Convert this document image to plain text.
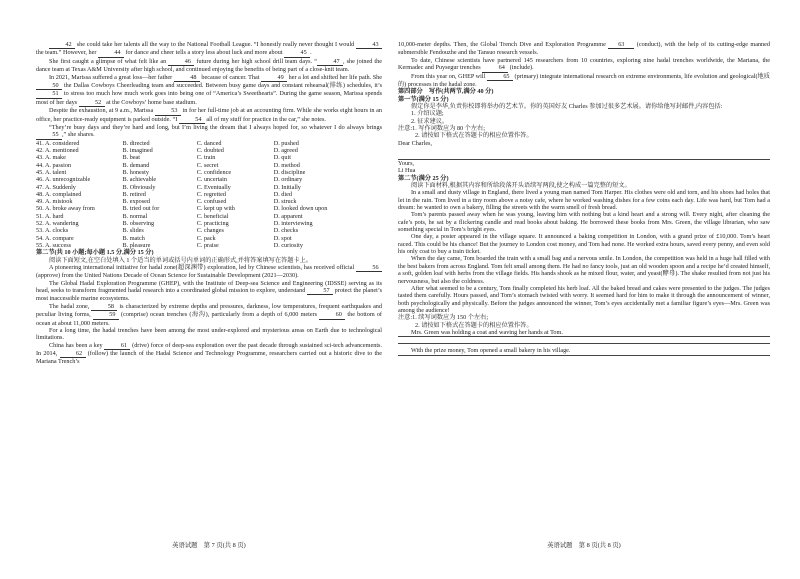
42 she could take her talents all the way to the National Football League. “I honestly really never thought I would	43 the team.” However, her	44 for dance and cheer tells a story less about luck and more about	45 .

She first caught a glimpse of what felt like an	46 future during her high school drill team days. “	47 , she joined the dance team at Texas A&M University after high school, and continued enjoying the benefits of being part of a close-knit team.

In 2021, Marissa suffered a great loss—her father	48 because of cancer. That	49 her a lot and shifted her life path. She 50 the Dallas Cowboys Cheerleading team and succeeded. Between busy game days and constant rehearsal(排练) schedules, it’s 51 to stress too much how much work goes into being one of “America’s Sweethearts”. During the game season, Marissa spends most of her days	52 at the Cowboys’ home base stadium.

Despite the exhaustion, at 9 a.m., Marissa	53 in for her full-time job at an accounting firm. While she works eight hours in an office, her practice-ready equipment is parked outside. “I	54 all of my stuff for practice in the car,” she notes.

“They’re busy days and they’re hard and long, but I’m living the dream that I always hoped for, so whatever I do always brings 55 ,” she shares.

41. A. considered	B. directed	C. danced	D. pushed
42. A. mentioned	B. imagined	C. doubted	D. agreed
43. A. make	B. beat	C. train	D. quit
44. A. passion	B. demand	C. secret	D. method
45. A. talent	B. honesty	C. confidence	D. discipline
46. A. unrecognizable	B. achievable	C. uncertain	D. ordinary
47. A. Suddenly	B. Obviously	C. Eventually	D. Initially
48. A. complained	B. retired	C. regretted	D. died
49. A. mistook	B. exposed	C. confused	D. struck
50. A. broke away from	B. tried out for	C. kept up with	D. looked down upon
51. A. hard	B. normal	C. beneficial	D. apparent
52. A. wandering	B. observing	C. practicing	D. interviewing
53. A. clocks	B. slides	C. changes	D. checks
54. A. compare	B. match	C. pack	D. spot
55. A. success	B. pleasure	C. praise	D. curiosity

第二节(共 10 小题;每小题 1.5 分,满分 15 分)

阅读下面短文,在空白处填入 1 个适当的单词或括号内单词的正确形式,并将答案填写在答题卡上。

A pioneering international initiative for hadal zone(超深渊带) exploration, led by Chinese scientists, has received official	56 (approve) from the United Nations Decade of Ocean Science for Sustainable Development (2021—2030).

The Global Hadal Exploration Programme (GHEP), with the Institute of Deep-sea Science and Engineering (IDSSE) serving as its head, seeks to transform fragmented hadal research into a coordinated global mission to explore, understand	57 protect the planet’s most inaccessible marine ecosystems.

The hadal zone,	58 is characterized by extreme depths and pressures, darkness, low temperatures, frequent earthquakes and peculiar living forms,	59 (comprise) ocean trenches (海沟), particularly from a depth of 6,000 meters	60 the bottom of ocean at about 11,000 meters.

For a long time, the hadal trenches have been among the most under-explored and mysterious areas on Earth due to technological limitations.

China has been a key	61 (drive) force of deep-sea exploration over the past decade through sustained sci-tech advancements. In 2014,	62 (follow) the launch of the Hadal Science and Technology Programme, researchers carried out a historic dive to the Mariana Trench’s

英语试题　第 7 页(共 8 页)

10,000-meter depths. Then, the Global Trench Dive and Exploration Programme 63 (conduct), with the help of its cutting-edge manned submersible Fendouzhe and the Tansuo research vessels.

To date, Chinese scientists have partnered 145 researchers from 10 countries, exploring nine hadal trenches worldwide, the Mariana, the Kermadec and Puysegur trenches	64 (include).

From this year on, GHEP will	65 (primary) integrate international research on extreme environments, life evolution and geological(地质的) processes in the hadal zone.

第四部分　写作(共两节,满分 40 分)

第一节(满分 15 分)

假定你是李华,负责你校即将举办的艺术节。你的英国好友 Charles 参加过很多艺术展。请你给他写封邮件,内容包括:

1. 介绍议题;

2. 征求建议。

注意:1. 写作词数应为 80 个左右;

2. 请按如下格式在答题卡的相应位置作答。

Dear Charles,

Yours,

Li Hua

第二节(满分 25 分)

阅读下面材料,根据其内容和所给段落开头语续写两段,使之构成一篇完整的短文。

In a small and dusty village in England, there lived a young man named Tom Harper. His clothes were old and torn, and his shoes had holes that let in the rain. Tom lived in a tiny room above a noisy cafe, where he worked washing dishes for a few coins each day. Life was hard, but Tom had a dream: he wanted to own a bakery, filling the streets with the warm smell of fresh bread.

Tom’s parents passed away when he was young, leaving him with nothing but a kind heart and a strong will. Every night, after cleaning the cafe’s pots, he sat by a flickering candle and read books about baking. He borrowed these books from Mrs. Green, the village librarian, who saw something special in Tom’s bright eyes.

One day, a poster appeared in the village square. It announced a baking competition in London, with a grand prize of £10,000. Tom’s heart raced. This could be his chance! But the journey to London cost money, and Tom had none. He worked extra hours, saved every penny, and even sold his only coat to buy a train ticket.

When the day came, Tom boarded the train with a small bag and a nervous smile. In London, the competition was held in a huge hall filled with the best bakers from across England. Tom felt small among them. He had no fancy tools, just an old wooden spoon and a recipe he’d created himself, a soft, golden loaf with herbs from the village fields. His hands shook as he mixed flour, water, and yeast(酵母). The shake resulted from not just his nervousness, but also the coldness.

After what seemed to be a century, Tom finally completed his herb loaf. All the baked bread and cakes were presented to the judges. The judges tasted them carefully. Hours passed, and Tom’s stomach twisted with worry. It seemed hard for him to make it through the announcement of winner, both psychologically and physically. Before the judges announced the winner, Tom’s eyes accidentally met a familiar figure’s eyes—Mrs. Green was among the audience!

注意:1. 续写词数应为 150 个左右;

2. 请按如下格式在答题卡的相应位置作答。

Mrs. Green was holding a coat and waving her hands at Tom.

With the prize money, Tom opened a small bakery in his village.

英语试题　第 8 页(共 8 页)
